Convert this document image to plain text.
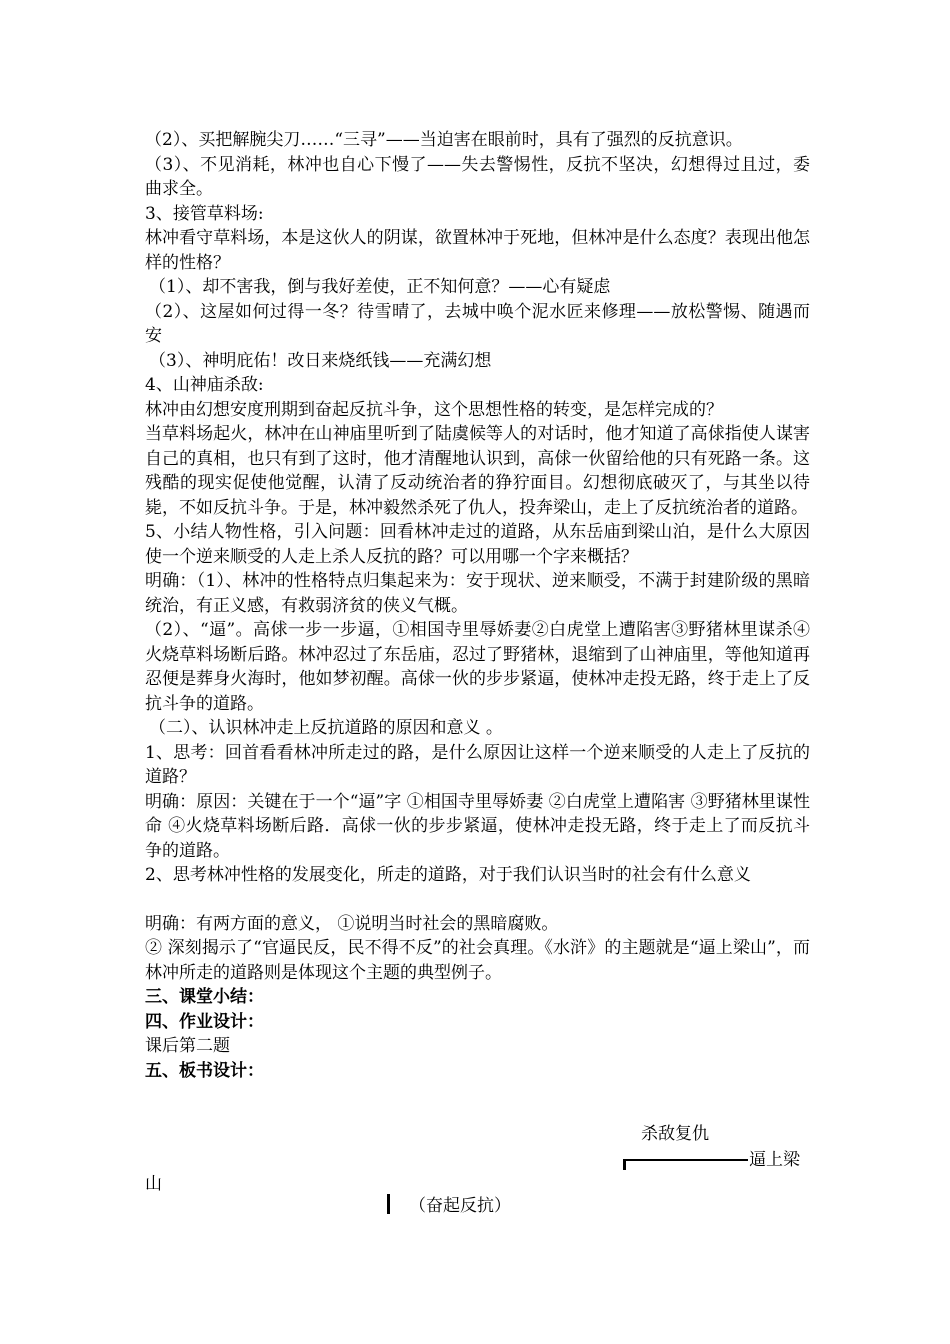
（2）、买把解腕尖刀……“三寻”——当迫害在眼前时，具有了强烈的反抗意识。

（3）、不见消耗，林冲也自心下慢了——失去警惕性，反抗不坚决，幻想得过且过，委曲求全。

3、接管草料场:

林冲看守草料场，本是这伙人的阴谋，欲置林冲于死地，但林冲是什么态度？表现出他怎样的性格？

（1）、却不害我，倒与我好差使，正不知何意？——心有疑虑

（2）、这屋如何过得一冬？待雪晴了，去城中唤个泥水匠来修理——放松警惕、随遇而安

（3）、神明庇佑！改日来烧纸钱——充满幻想

4、山神庙杀敌:

林冲由幻想安度刑期到奋起反抗斗争，这个思想性格的转变，是怎样完成的？

当草料场起火，林冲在山神庙里听到了陆虞候等人的对话时，他才知道了高俅指使人谋害自己的真相，也只有到了这时，他才清醒地认识到，高俅一伙留给他的只有死路一条。这残酷的现实促使他觉醒，认清了反动统治者的狰狞面目。幻想彻底破灭了，与其坐以待毙，不如反抗斗争。于是，林冲毅然杀死了仇人，投奔梁山，走上了反抗统治者的道路。

5、小结人物性格，引入问题：回看林冲走过的道路，从东岳庙到梁山泊，是什么大原因使一个逆来顺受的人走上杀人反抗的路？可以用哪一个字来概括？

明确：（1）、林冲的性格特点归集起来为：安于现状、逆来顺受，不满于封建阶级的黑暗统治，有正义感，有救弱济贫的侠义气概。

（2）、“逼”。高俅一步一步逼，①相国寺里辱娇妻②白虎堂上遭陷害③野猪林里谋杀④火烧草料场断后路。林冲忍过了东岳庙，忍过了野猪林，退缩到了山神庙里，等他知道再忍便是葬身火海时，他如梦初醒。高俅一伙的步步紧逼，使林冲走投无路，终于走上了反抗斗争的道路。

（二）、认识林冲走上反抗道路的原因和意义 。

1、思考：回首看看林冲所走过的路，是什么原因让这样一个逆来顺受的人走上了反抗的道路？

明确：原因：关键在于一个“逼”字 ①相国寺里辱娇妻 ②白虎堂上遭陷害 ③野猪林里谋性命 ④火烧草料场断后路．高俅一伙的步步紧逼，使林冲走投无路，终于走上了而反抗斗争的道路。

2、思考林冲性格的发展变化，所走的道路，对于我们认识当时的社会有什么意义

明确：有两方面的意义， ①说明当时社会的黑暗腐败。

② 深刻揭示了“官逼民反，民不得不反”的社会真理。《水浒》的主题就是“逼上梁山”，而林冲所走的道路则是体现这个主题的典型例子。

三、课堂小结：

四、作业设计：

课后第二题

五、板书设计：

杀敌复仇
逼上梁
山
（奋起反抗）
